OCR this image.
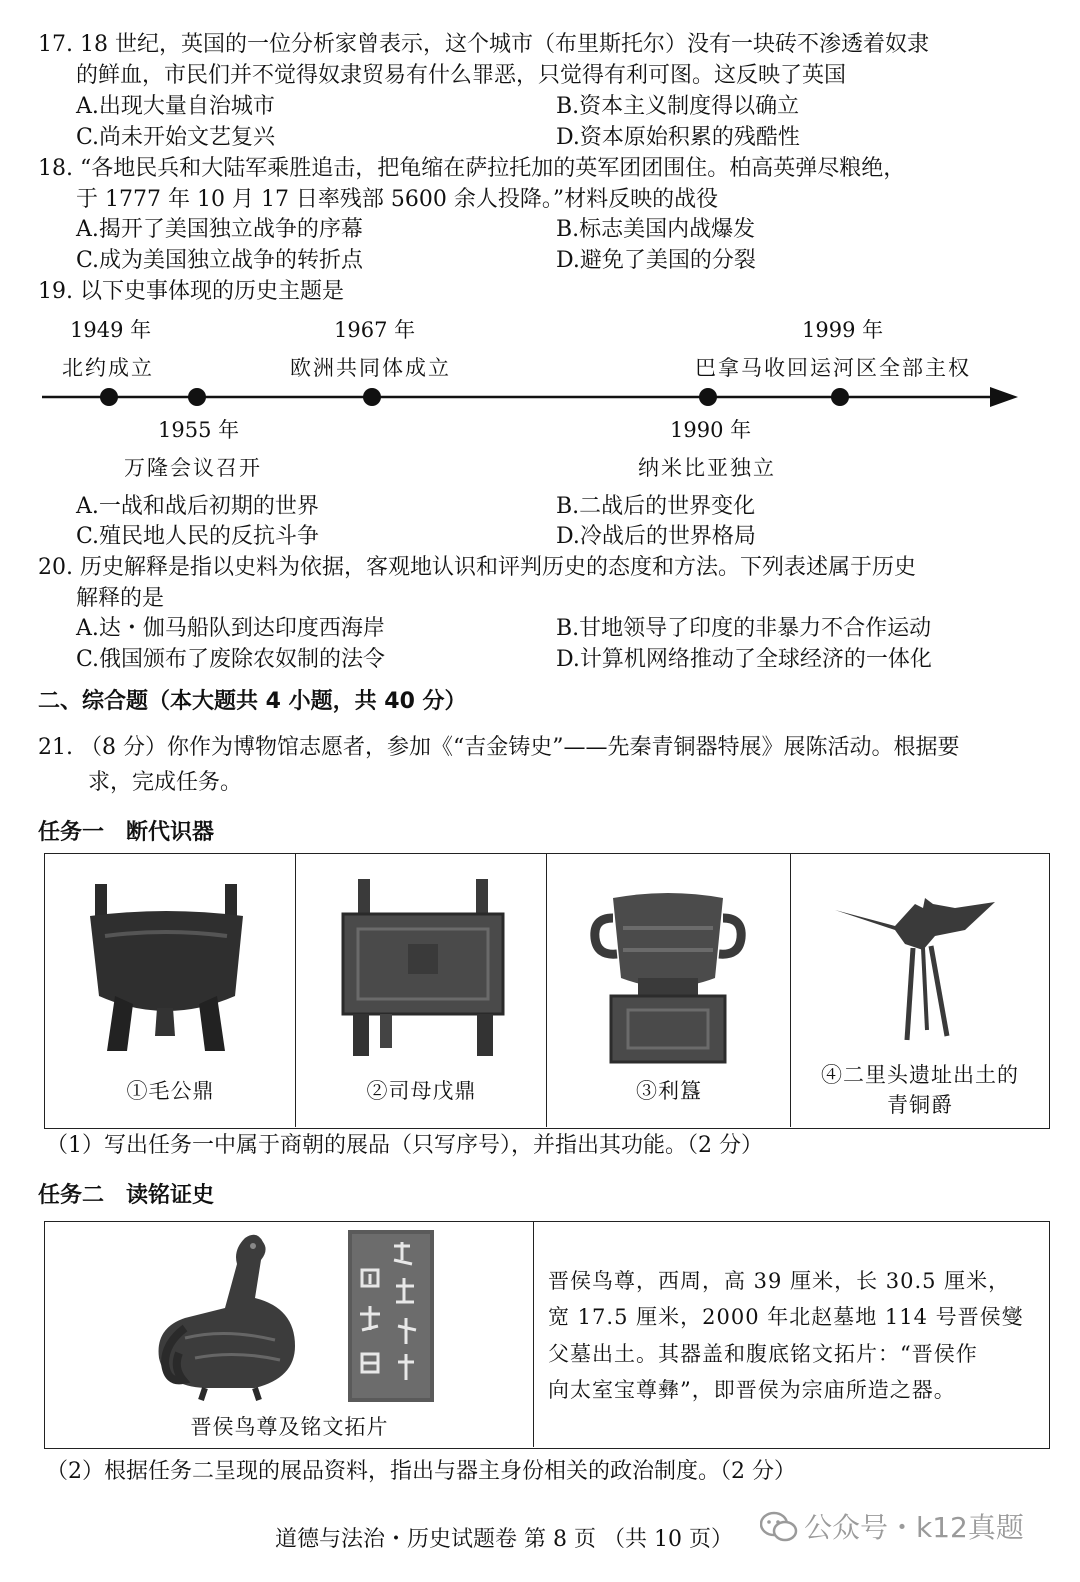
17. 18 世纪，英国的一位分析家曾表示，这个城市（布里斯托尔）没有一块砖不渗透着奴隶
的鲜血，市民们并不觉得奴隶贸易有什么罪恶，只觉得有利可图。这反映了英国
A.出现大量自治城市	B.资本主义制度得以确立
C.尚未开始文艺复兴	D.资本原始积累的残酷性
18. “各地民兵和大陆军乘胜追击，把龟缩在萨拉托加的英军团团围住。柏高英弹尽粮绝，
于 1777 年 10 月 17 日率残部 5600 余人投降。”材料反映的战役
A.揭开了美国独立战争的序幕	B.标志美国内战爆发
C.成为美国独立战争的转折点	D.避免了美国的分裂
19. 以下史事体现的历史主题是
1949 年
北约成立
1967 年
欧洲共同体成立
1999 年
巴拿马收回运河区全部主权
1955 年
万隆会议召开
1990 年
纳米比亚独立
A.一战和战后初期的世界	B.二战后的世界变化
C.殖民地人民的反抗斗争	D.冷战后的世界格局
20. 历史解释是指以史料为依据，客观地认识和评判历史的态度和方法。下列表述属于历史
解释的是
A.达・伽马船队到达印度西海岸	B.甘地领导了印度的非暴力不合作运动
C.俄国颁布了废除农奴制的法令	D.计算机网络推动了全球经济的一体化
二、综合题（本大题共 4 小题，共 40 分）
21. （8 分）你作为博物馆志愿者，参加《“吉金铸史”——先秦青铜器特展》展陈活动。根据要
求，完成任务。
任务一　断代识器
①毛公鼎	②司母戊鼎	③利簋
④二里头遗址出土的
青铜爵
（1）写出任务一中属于商朝的展品（只写序号），并指出其功能。（2 分）
任务二　读铭证史
晋侯鸟尊及铭文拓片
晋侯鸟尊，西周，高 39 厘米，长 30.5 厘米，
宽 17.5 厘米，2000 年北赵墓地 114 号晋侯燮
父墓出土。其器盖和腹底铭文拓片：“晋侯作
向太室宝尊彝”，即晋侯为宗庙所造之器。
（2）根据任务二呈现的展品资料，指出与器主身份相关的政治制度。（2 分）
道德与法治・历史试题卷 第 8 页 （共 10 页）	公众号・k12真题
